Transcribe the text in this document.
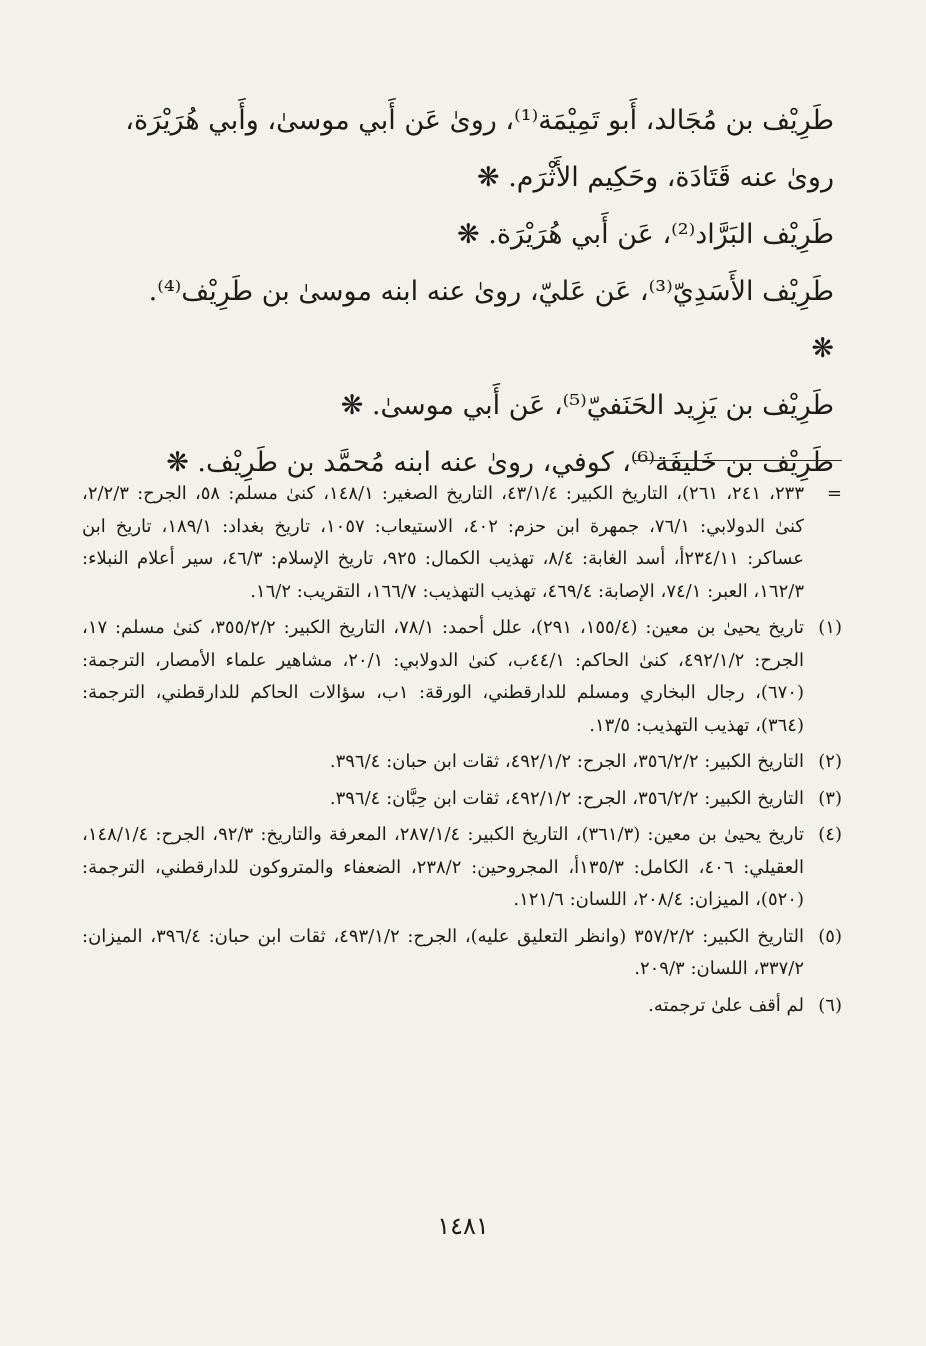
طَرِيْف بن مُجَالد، أَبو تَمِيْمَة⁽¹⁾، روىٰ عَن أَبي موسىٰ، وأَبي هُرَيْرَة،

روىٰ عنه قَتَادَة، وحَكِيم الأَثْرَم. ❋

طَرِيْف البَرَّاد⁽²⁾، عَن أَبي هُرَيْرَة. ❋

طَرِيْف الأَسَدِيّ⁽³⁾، عَن عَليّ، روىٰ عنه ابنه موسىٰ بن طَرِيْف⁽⁴⁾. ❋

طَرِيْف بن يَزِيد الحَنَفيّ⁽⁵⁾، عَن أَبي موسىٰ. ❋

طَرِيْف بن خَليفَة⁽⁶⁾، كوفي، روىٰ عنه ابنه مُحمَّد بن طَرِيْف. ❋

=
٢٣٣، ٢٤١، ٢٦١)، التاريخ الكبير: ٤٣/١/٤، التاريخ الصغير: ١٤٨/١، كنىٰ مسلم: ٥٨، الجرح: ٢/٢/٣، كنىٰ الدولابي: ٧٦/١، جمهرة ابن حزم: ٤٠٢، الاستيعاب: ١٠٥٧، تاريخ بغداد: ١٨٩/١، تاريخ ابن عساكر: ٢٣٤/١١أ، أسد الغابة: ٨/٤، تهذيب الكمال: ٩٢٥، تاريخ الإسلام: ٤٦/٣، سير أعلام النبلاء: ١٦٢/٣، العبر: ٧٤/١، الإصابة: ٤٦٩/٤، تهذيب التهذيب: ١٦٦/٧، التقريب: ١٦/٢.
(١)
تاريخ يحيىٰ بن معين: (١٥٥/٤، ٢٩١)، علل أحمد: ٧٨/١، التاريخ الكبير: ٣٥٥/٢/٢، كنىٰ مسلم: ١٧، الجرح: ٤٩٢/١/٢، كنىٰ الحاكم: ٤٤/١ب، كنىٰ الدولابي: ٢٠/١، مشاهير علماء الأمصار، الترجمة: (٦٧٠)، رجال البخاري ومسلم للدارقطني، الورقة: ١ب، سؤالات الحاكم للدارقطني، الترجمة: (٣٦٤)، تهذيب التهذيب: ١٣/٥.
(٢)
التاريخ الكبير: ٣٥٦/٢/٢، الجرح: ٤٩٢/١/٢، ثقات ابن حبان: ٣٩٦/٤.
(٣)
التاريخ الكبير: ٣٥٦/٢/٢، الجرح: ٤٩٢/١/٢، ثقات ابن حِبَّان: ٣٩٦/٤.
(٤)
تاريخ يحيىٰ بن معين: (٣٦١/٣)، التاريخ الكبير: ٢٨٧/١/٤، المعرفة والتاريخ: ٩٢/٣، الجرح: ١٤٨/١/٤، العقيلي: ٤٠٦، الكامل: ١٣٥/٣أ، المجروحين: ٢٣٨/٢، الضعفاء والمتروكون للدارقطني، الترجمة: (٥٢٠)، الميزان: ٢٠٨/٤، اللسان: ١٢١/٦.
(٥)
التاريخ الكبير: ٣٥٧/٢/٢ (وانظر التعليق عليه)، الجرح: ٤٩٣/١/٢، ثقات ابن حبان: ٣٩٦/٤، الميزان: ٣٣٧/٢، اللسان: ٢٠٩/٣.
(٦)
لم أقف علىٰ ترجمته.
١٤٨١
